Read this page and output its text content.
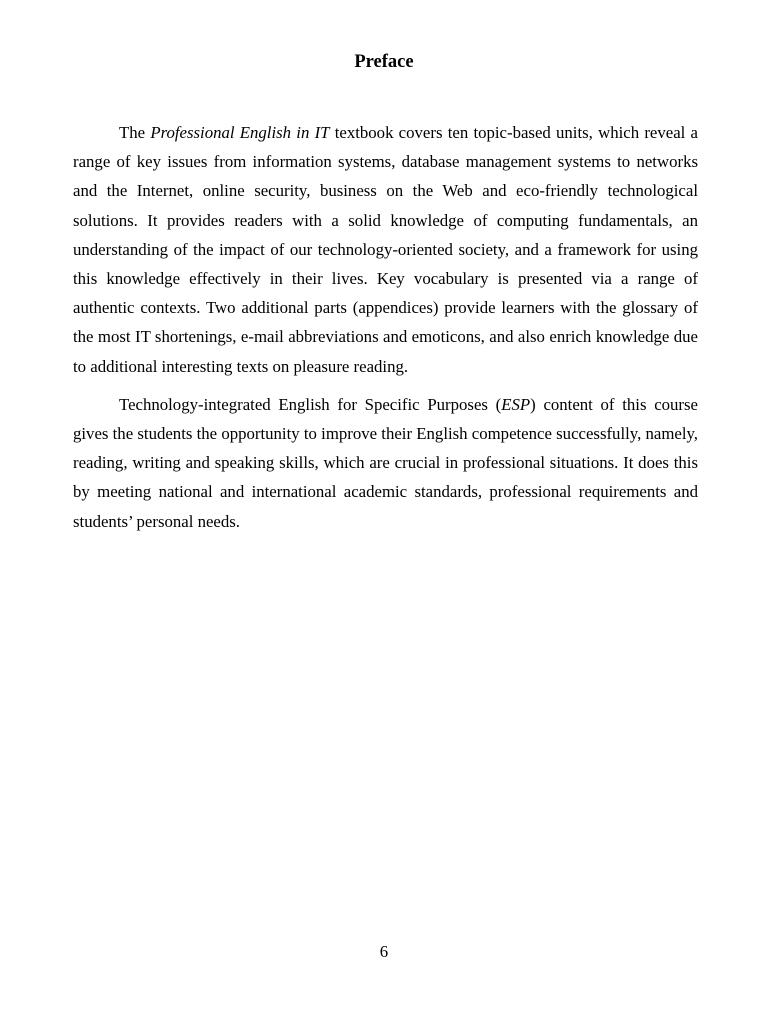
Preface

The Professional English in IT textbook covers ten topic-based units, which reveal a range of key issues from information systems, database management systems to networks and the Internet, online security, business on the Web and eco-friendly technological solutions. It provides readers with a solid knowledge of computing fundamentals, an understanding of the impact of our technology-oriented society, and a framework for using this knowledge effectively in their lives. Key vocabulary is presented via a range of authentic contexts. Two additional parts (appendices) provide learners with the glossary of the most IT shortenings, e-mail abbreviations and emoticons, and also enrich knowledge due to additional interesting texts on pleasure reading.

Technology-integrated English for Specific Purposes (ESP) content of this course gives the students the opportunity to improve their English competence successfully, namely, reading, writing and speaking skills, which are crucial in professional situations. It does this by meeting national and international academic standards, professional requirements and students’ personal needs.

6
